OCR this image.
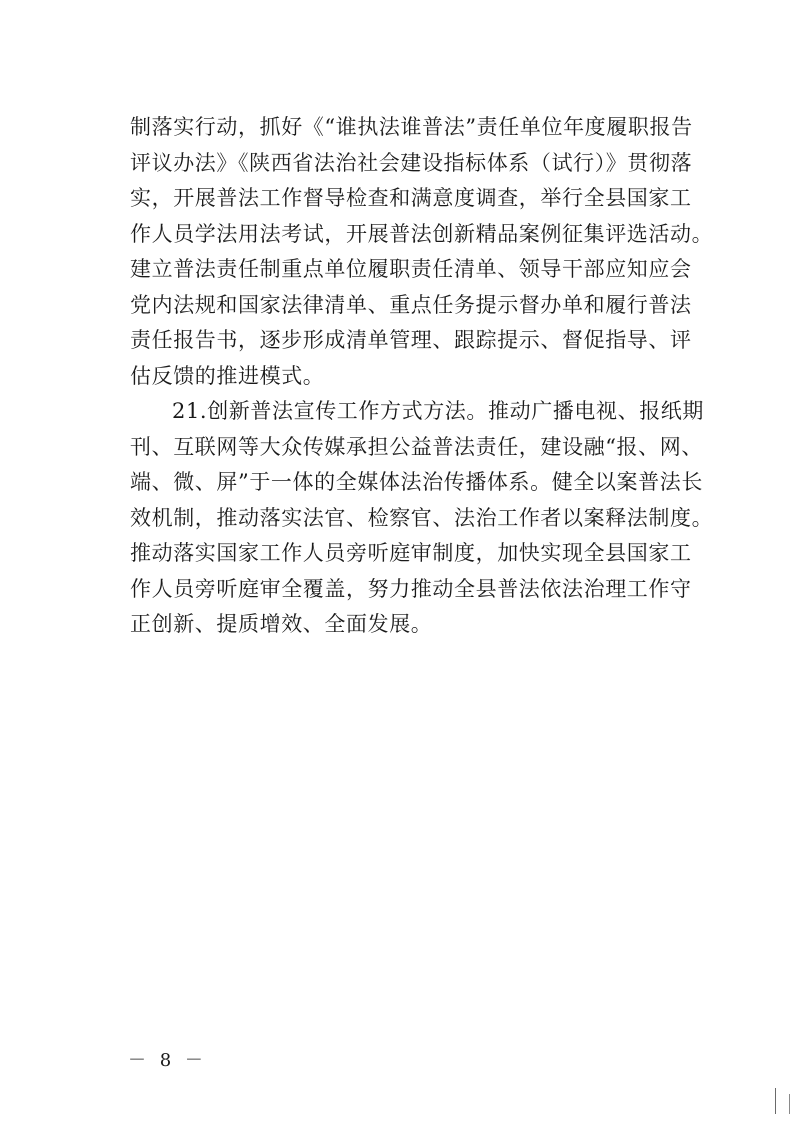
制落实行动，抓好《“谁执法谁普法”责任单位年度履职报告
评议办法》《陕西省法治社会建设指标体系（试行）》贯彻落
实，开展普法工作督导检查和满意度调查，举行全县国家工
作人员学法用法考试，开展普法创新精品案例征集评选活动。
建立普法责任制重点单位履职责任清单、领导干部应知应会
党内法规和国家法律清单、重点任务提示督办单和履行普法
责任报告书，逐步形成清单管理、跟踪提示、督促指导、评
估反馈的推进模式。
21.创新普法宣传工作方式方法。推动广播电视、报纸期
刊、互联网等大众传媒承担公益普法责任，建设融“报、网、
端、微、屏”于一体的全媒体法治传播体系。健全以案普法长
效机制，推动落实法官、检察官、法治工作者以案释法制度。
推动落实国家工作人员旁听庭审制度，加快实现全县国家工
作人员旁听庭审全覆盖，努力推动全县普法依法治理工作守
正创新、提质增效、全面发展。
－ 8 －
